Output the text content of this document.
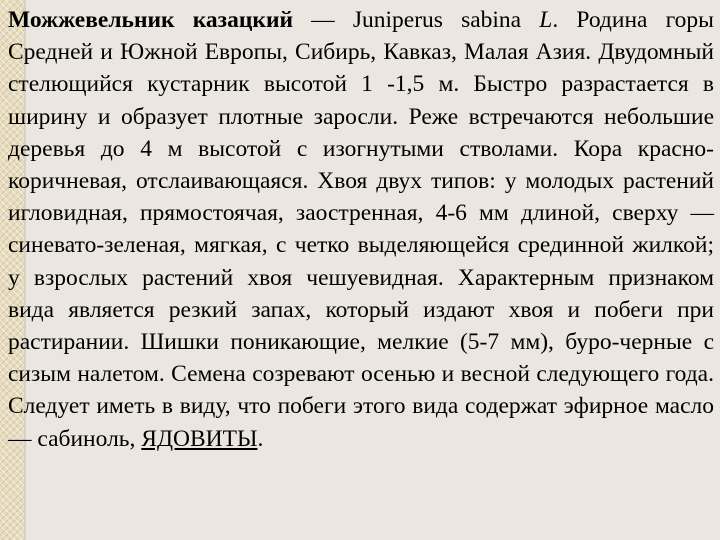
Можжевельник казацкий — Juniperus sabina L. Родина горы Средней и Южной Европы, Сибирь, Кавказ, Малая Азия. Двудомный стелющийся кустарник высотой 1 -1,5 м. Быстро разрастается в ширину и образует плотные заросли. Реже встречаются небольшие деревья до 4 м высотой с изогнутыми стволами. Кора красно-коричневая, отслаивающаяся. Хвоя двух типов: у молодых растений игловидная, прямостоячая, заостренная, 4-6 мм длиной, сверху — синевато-зеленая, мягкая, с четко выделяющейся срединной жилкой; у взрослых растений хвоя чешуевидная. Характерным признаком вида является резкий запах, который издают хвоя и побеги при растирании. Шишки поникающие, мелкие (5-7 мм), буро-черные с сизым налетом. Семена созревают осенью и весной следующего года. Следует иметь в виду, что побеги этого вида содержат эфирное масло — сабиноль, ЯДОВИТЫ.
